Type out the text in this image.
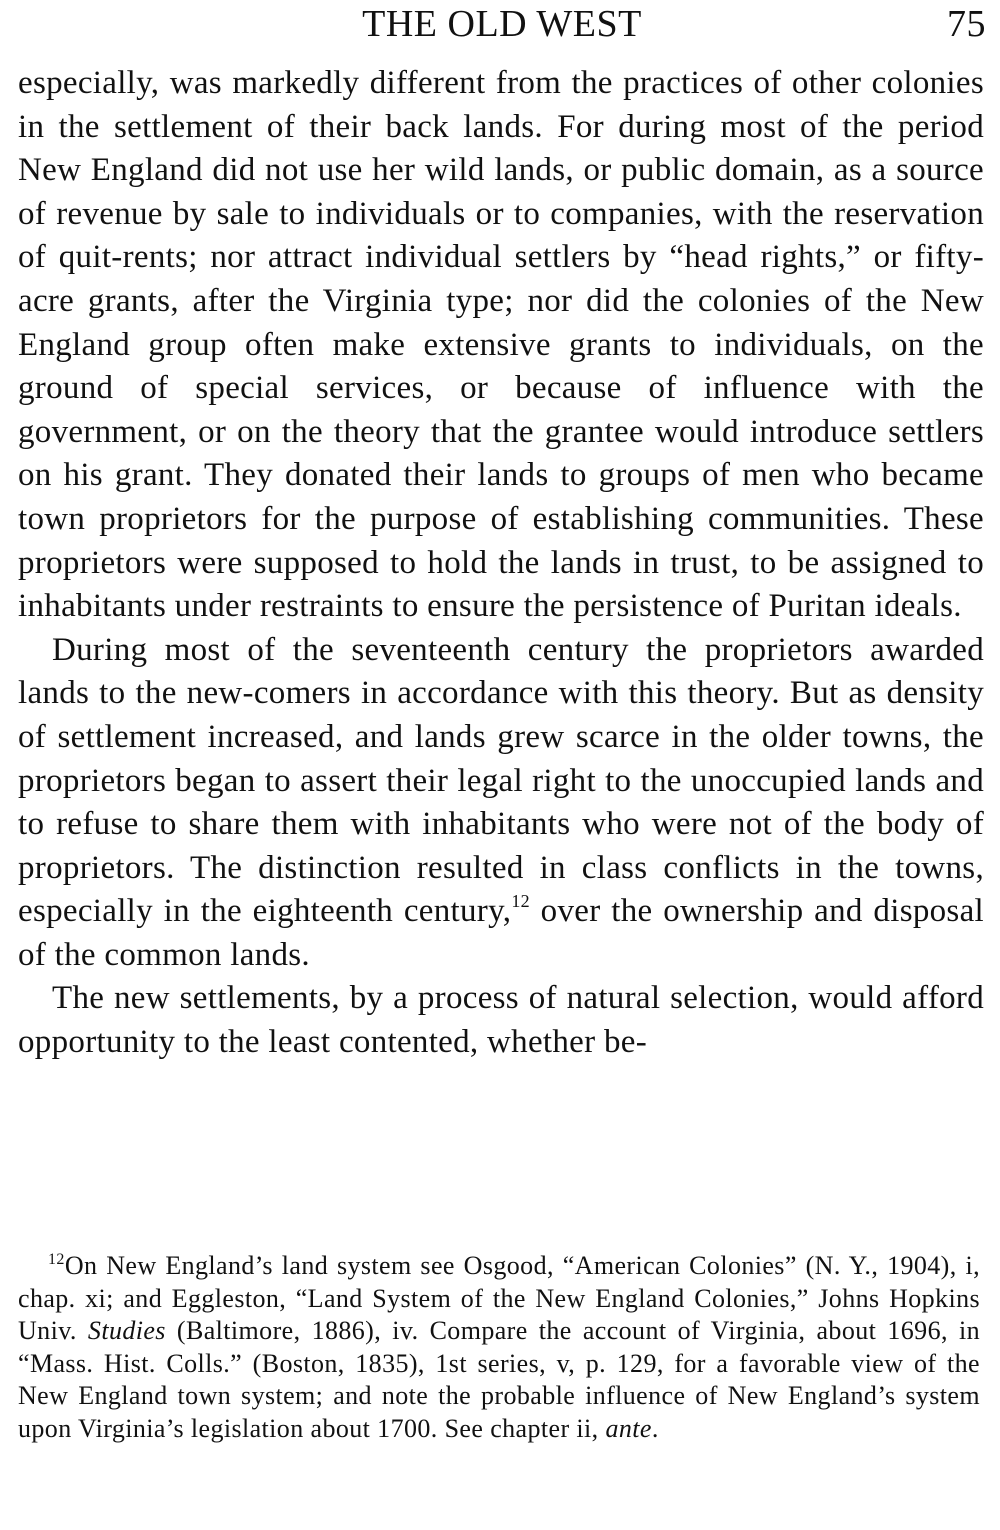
THE OLD WEST	75

especially, was markedly different from the practices of other colonies in the settlement of their back lands. For during most of the period New England did not use her wild lands, or public domain, as a source of revenue by sale to individuals or to companies, with the reservation of quit-rents; nor attract individual settlers by “head rights,” or fifty-acre grants, after the Virginia type; nor did the colonies of the New England group often make extensive grants to individuals, on the ground of special services, or because of influence with the government, or on the theory that the grantee would introduce settlers on his grant. They donated their lands to groups of men who became town proprietors for the purpose of establishing communities. These proprietors were supposed to hold the lands in trust, to be assigned to inhabitants under restraints to ensure the persistence of Puritan ideals.

During most of the seventeenth century the proprietors awarded lands to the new-comers in accordance with this theory. But as density of settlement increased, and lands grew scarce in the older towns, the proprietors began to assert their legal right to the unoccupied lands and to refuse to share them with inhabitants who were not of the body of proprietors. The distinction resulted in class conflicts in the towns, especially in the eighteenth century,$^{12}$ over the ownership and disposal of the common lands.

The new settlements, by a process of natural selection, would afford opportunity to the least contented, whether be-

$^{12}$On New England’s land system see Osgood, “American Colonies” (N. Y., 1904), i, chap. xi; and Eggleston, “Land System of the New England Colonies,” Johns Hopkins Univ. Studies (Baltimore, 1886), iv. Compare the account of Virginia, about 1696, in “Mass. Hist. Colls.” (Boston, 1835), 1st series, v, p. 129, for a favorable view of the New England town system; and note the probable influence of New England’s system upon Virginia’s legislation about 1700. See chapter ii, ante.
